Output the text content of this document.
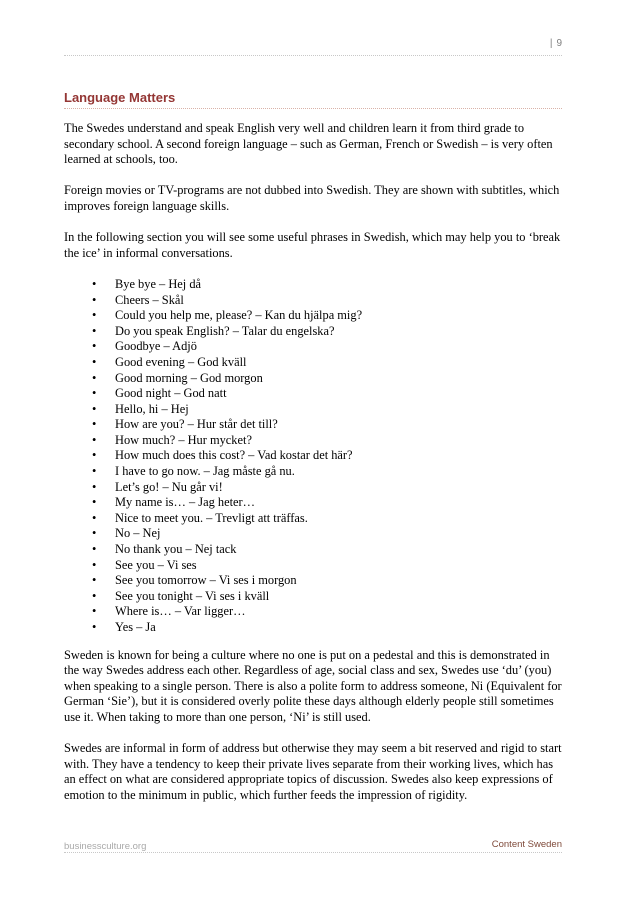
| 9
Language Matters

The Swedes understand and speak English very well and children learn it from third grade to secondary school. A second foreign language – such as German, French or Swedish – is very often learned at schools, too.

Foreign movies or TV-programs are not dubbed into Swedish. They are shown with subtitles, which improves foreign language skills.

In the following section you will see some useful phrases in Swedish, which may help you to ‘break the ice’ in informal conversations.

• Bye bye – Hej då
• Cheers – Skål
• Could you help me, please? – Kan du hjälpa mig?
• Do you speak English? – Talar du engelska?
• Goodbye – Adjö
• Good evening – God kväll
• Good morning – God morgon
• Good night – God natt
• Hello, hi – Hej
• How are you? – Hur står det till?
• How much? – Hur mycket?
• How much does this cost? – Vad kostar det här?
• I have to go now. – Jag måste gå nu.
• Let’s go! – Nu går vi!
• My name is… – Jag heter…
• Nice to meet you. – Trevligt att träffas.
• No – Nej
• No thank you – Nej tack
• See you – Vi ses
• See you tomorrow – Vi ses i morgon
• See you tonight – Vi ses i kväll
• Where is… – Var ligger…
• Yes – Ja

Sweden is known for being a culture where no one is put on a pedestal and this is demonstrated in the way Swedes address each other. Regardless of age, social class and sex, Swedes use ‘du’ (you) when speaking to a single person. There is also a polite form to address someone, Ni (Equivalent for German ‘Sie’), but it is considered overly polite these days although elderly people still sometimes use it. When taking to more than one person, ‘Ni’ is still used.

Swedes are informal in form of address but otherwise they may seem a bit reserved and rigid to start with. They have a tendency to keep their private lives separate from their working lives, which has an effect on what are considered appropriate topics of discussion. Swedes also keep expressions of emotion to the minimum in public, which further feeds the impression of rigidity.

businessculture.org	Content Sweden
